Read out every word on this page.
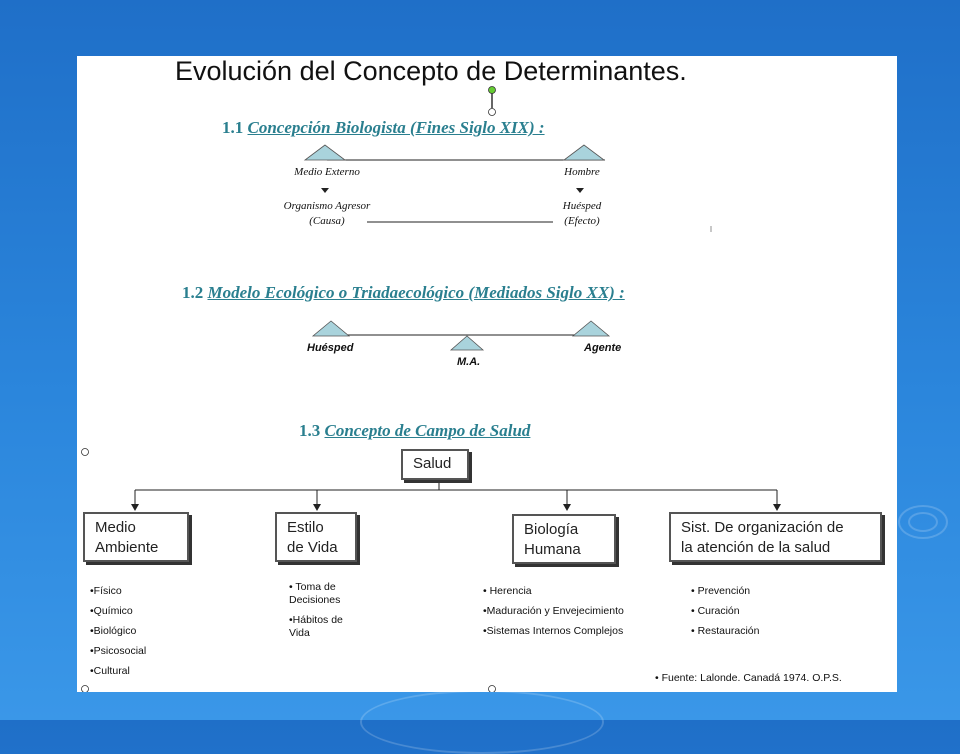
Evolución del Concepto de Determinantes.
1.1 Concepción Biologista (Fines Siglo XIX) :
Medio Externo	Hombre
Organismo Agresor
(Causa)
Huésped
(Efecto)
1.2 Modelo Ecológico o Triadaecológico (Mediados Siglo XX) :
Huésped
M.A.
Agente
1.3 Concepto de Campo de Salud
Salud
Medio
Ambiente
Estilo
de Vida
Biología
Humana
Sist. De organización de
la atención de la salud
•Físico
•Químico
•Biológico
•Psicosocial
•Cultural
• Toma de
Decisiones
•Hábitos de
Vida
• Herencia
•Maduración y Envejecimiento
•Sistemas Internos Complejos
• Prevención
• Curación
• Restauración
• Fuente: Lalonde. Canadá 1974. O.P.S.
